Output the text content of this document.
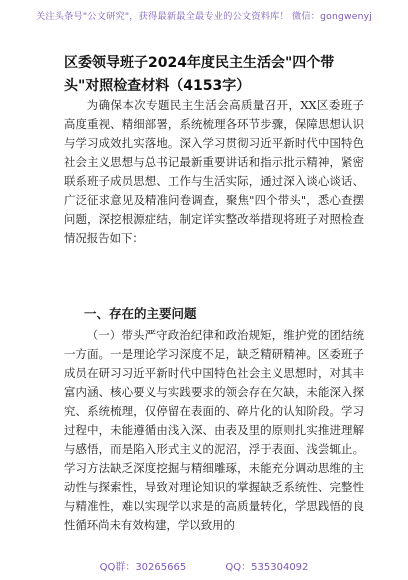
关注头条号"公文研究"，获得最新最全最专业的公文资料库！ 微信：gongwenyj
区委领导班子2024年度民主生活会"四个带头"对照检查材料（4153字）

为确保本次专题民主生活会高质量召开，XX区委班子高度重视、精细部署，系统梳理各环节步骤，保障思想认识与学习成效扎实落地。深入学习贯彻习近平新时代中国特色社会主义思想与总书记最新重要讲话和指示批示精神，紧密联系班子成员思想、工作与生活实际，通过深入谈心谈话、广泛征求意见及精准问卷调查，聚焦"四个带头"，悉心查摆问题，深挖根源症结，制定详实整改举措现将班子对照检查情况报告如下：

一、存在的主要问题

（一）带头严守政治纪律和政治规矩，维护党的团结统一方面。一是理论学习深度不足，缺乏精研精神。区委班子成员在研习习近平新时代中国特色社会主义思想时，对其丰富内涵、核心要义与实践要求的领会存在欠缺，未能深入探究、系统梳理，仅停留在表面的、碎片化的认知阶段。学习过程中，未能遵循由浅入深、由表及里的原则扎实推进理解与感悟，而是陷入形式主义的泥沼，浮于表面、浅尝辄止。学习方法缺乏深度挖掘与精细雕琢，未能充分调动思维的主动性与探索性，导致对理论知识的掌握缺乏系统性、完整性与精准性，难以实现学以求是的高质量转化，学思践悟的良性循环尚未有效构建，学以致用的

QQ群：30265665	QQ：535304092
